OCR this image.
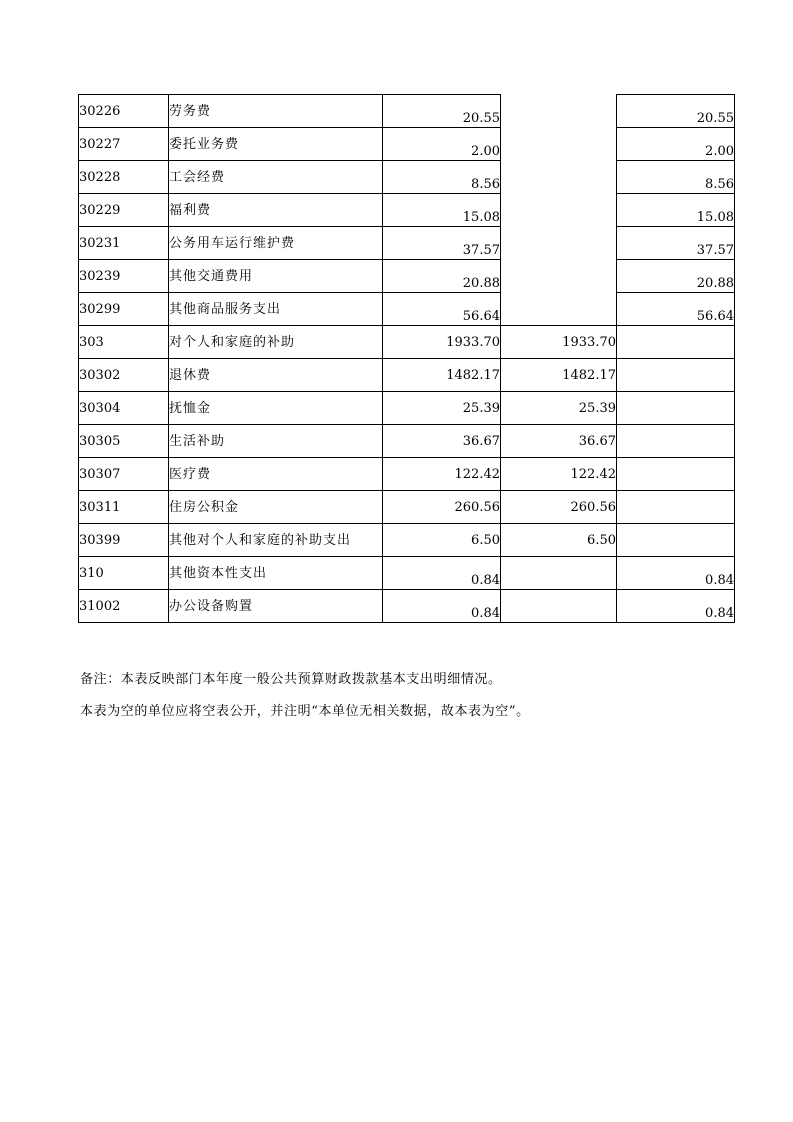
30226	劳务费	20.55		20.55
30227	委托业务费	2.00		2.00
30228	工会经费	8.56		8.56
30229	福利费	15.08		15.08
30231	公务用车运行维护费	37.57		37.57
30239	其他交通费用	20.88		20.88
30299	其他商品服务支出	56.64		56.64
303	对个人和家庭的补助	1933.70	1933.70	
30302	退休费	1482.17	1482.17	
30304	抚恤金	25.39	25.39	
30305	生活补助	36.67	36.67	
30307	医疗费	122.42	122.42	
30311	住房公积金	260.56	260.56	
30399	其他对个人和家庭的补助支出	6.50	6.50	
310	其他资本性支出	0.84		0.84
31002	办公设备购置	0.84		0.84
备注：本表反映部门本年度一般公共预算财政拨款基本支出明细情况。
本表为空的单位应将空表公开，并注明“本单位无相关数据，故本表为空”。
